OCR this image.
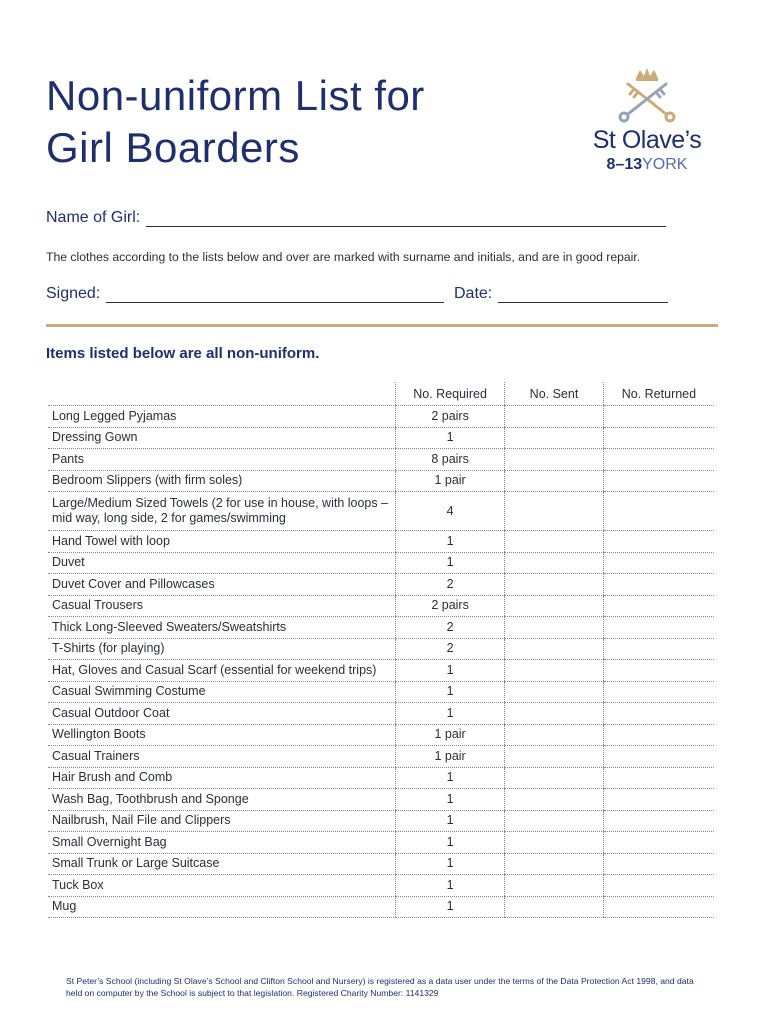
Non-uniform List for
Girl Boarders	St Olave’s
8–13YORK
Name of Girl:
The clothes according to the lists below and over are marked with surname and initials, and are in good repair.
Signed:	Date:
Items listed below are all non-uniform.
	No. Required	No. Sent	No. Returned
Long Legged Pyjamas	2 pairs		
Dressing Gown	1		
Pants	8 pairs		
Bedroom Slippers (with firm soles)	1 pair		
Large/Medium Sized Towels (2 for use in house, with loops – mid way, long side, 2 for games/swimming	4		
Hand Towel with loop	1		
Duvet	1		
Duvet Cover and Pillowcases	2		
Casual Trousers	2 pairs		
Thick Long-Sleeved Sweaters/Sweatshirts	2		
T-Shirts (for playing)	2		
Hat, Gloves and Casual Scarf (essential for weekend trips)	1		
Casual Swimming Costume	1		
Casual Outdoor Coat	1		
Wellington Boots	1 pair		
Casual Trainers	1 pair		
Hair Brush and Comb	1		
Wash Bag, Toothbrush and Sponge	1		
Nailbrush, Nail File and Clippers	1		
Small Overnight Bag	1		
Small Trunk or Large Suitcase	1		
Tuck Box	1		
Mug	1		
St Peter’s School (including St Olave’s School and Clifton School and Nursery) is registered as a data user under the terms of the Data Protection Act 1998, and data held on computer by the School is subject to that legislation. Registered Charity Number: 1141329
